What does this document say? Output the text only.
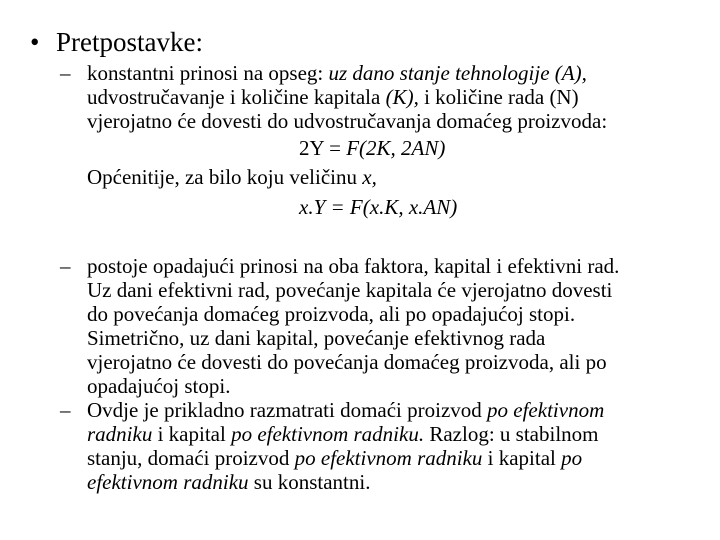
• Pretpostavke:
– konstantni prinosi na opseg: uz dano stanje tehnologije (A),
udvostručavanje i količine kapitala (K), i količine rada (N)
vjerojatno će dovesti do udvostručavanja domaćeg proizvoda:
2Y = F(2K, 2AN)
Općenitije, za bilo koju veličinu x,
x.Y = F(x.K, x.AN)
– postoje opadajući prinosi na oba faktora, kapital i efektivni rad.
Uz dani efektivni rad, povećanje kapitala će vjerojatno dovesti
do povećanja domaćeg proizvoda, ali po opadajućoj stopi.
Simetrično, uz dani kapital, povećanje efektivnog rada
vjerojatno će dovesti do povećanja domaćeg proizvoda, ali po
opadajućoj stopi.
– Ovdje je prikladno razmatrati domaći proizvod po efektivnom
radniku i kapital po efektivnom radniku. Razlog: u stabilnom
stanju, domaći proizvod po efektivnom radniku i kapital po
efektivnom radniku su konstantni.
